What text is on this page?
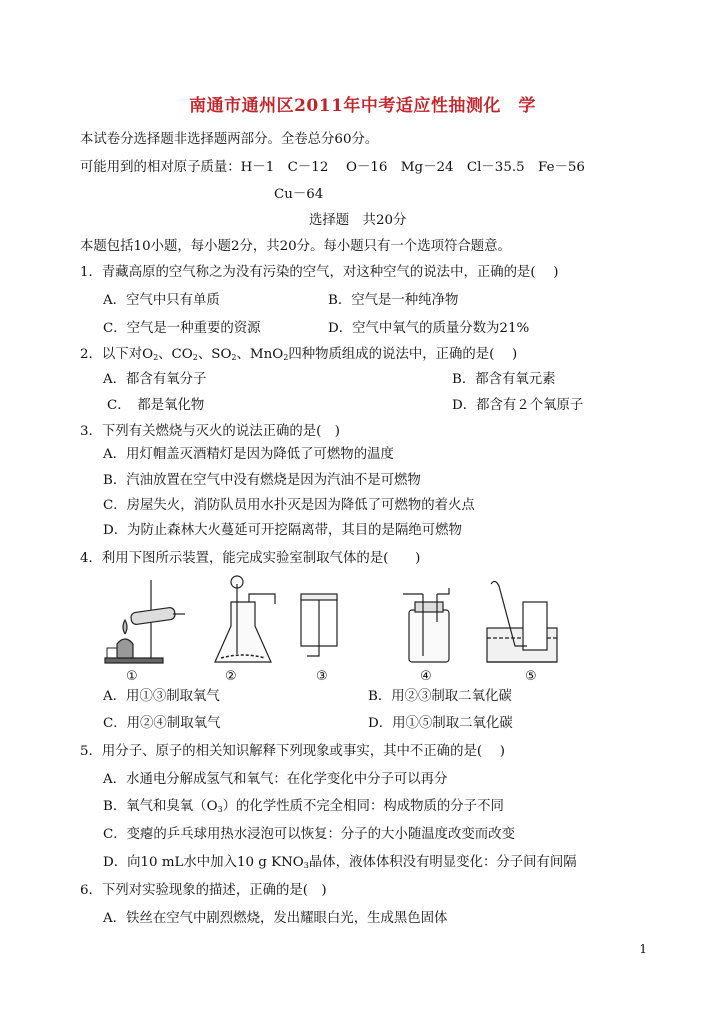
南通市通州区2011年中考适应性抽测化　学
本试卷分选择题非选择题两部分。全卷总分60分。
可能用到的相对原子质量：H－1　C－12　 O－16　Mg－24　Cl－35.5　Fe－56
Cu－64
选择题　共20分
本题包括10小题，每小题2分，共20分。每小题只有一个选项符合题意。
1．青藏高原的空气称之为没有污染的空气，对这种空气的说法中，正确的是(　 )
A．空气中只有单质	B．空气是一种纯净物
C．空气是一种重要的资源	D．空气中氧气的质量分数为21%
2．以下对$O_2$、$CO_2$、$SO_2$、MnO$_2$四种物质组成的说法中，正确的是(　 )
A．都含有氧分子	B．都含有氧元素
C．　都是氧化物	D．都含有２个氧原子
3．下列有关燃烧与灭火的说法正确的是(　)
A．用灯帽盖灭酒精灯是因为降低了可燃物的温度
B．汽油放置在空气中没有燃烧是因为汽油不是可燃物
C．房屋失火，消防队员用水扑灭是因为降低了可燃物的着火点
D．为防止森林大火蔓延可开挖隔离带，其目的是隔绝可燃物
4．利用下图所示装置，能完成实验室制取气体的是(　　)
①	②	③	④	⑤
A．用①③制取氧气	B．用②③制取二氧化碳
C．用②④制取氧气	D．用①⑤制取二氧化碳
5．用分子、原子的相关知识解释下列现象或事实，其中不正确的是(　 )
A．水通电分解成氢气和氧气：在化学变化中分子可以再分
B．氧气和臭氧$(O_3)$的化学性质不完全相同：构成物质的分子不同
C．变瘪的乒乓球用热水浸泡可以恢复：分子的大小随温度改变而改变
D．向10 mL水中加入10 g $KNO_3$晶体，液体体积没有明显变化：分子间有间隔
6．下列对实验现象的描述，正确的是(　)
A．铁丝在空气中剧烈燃烧，发出耀眼白光，生成黑色固体
1
